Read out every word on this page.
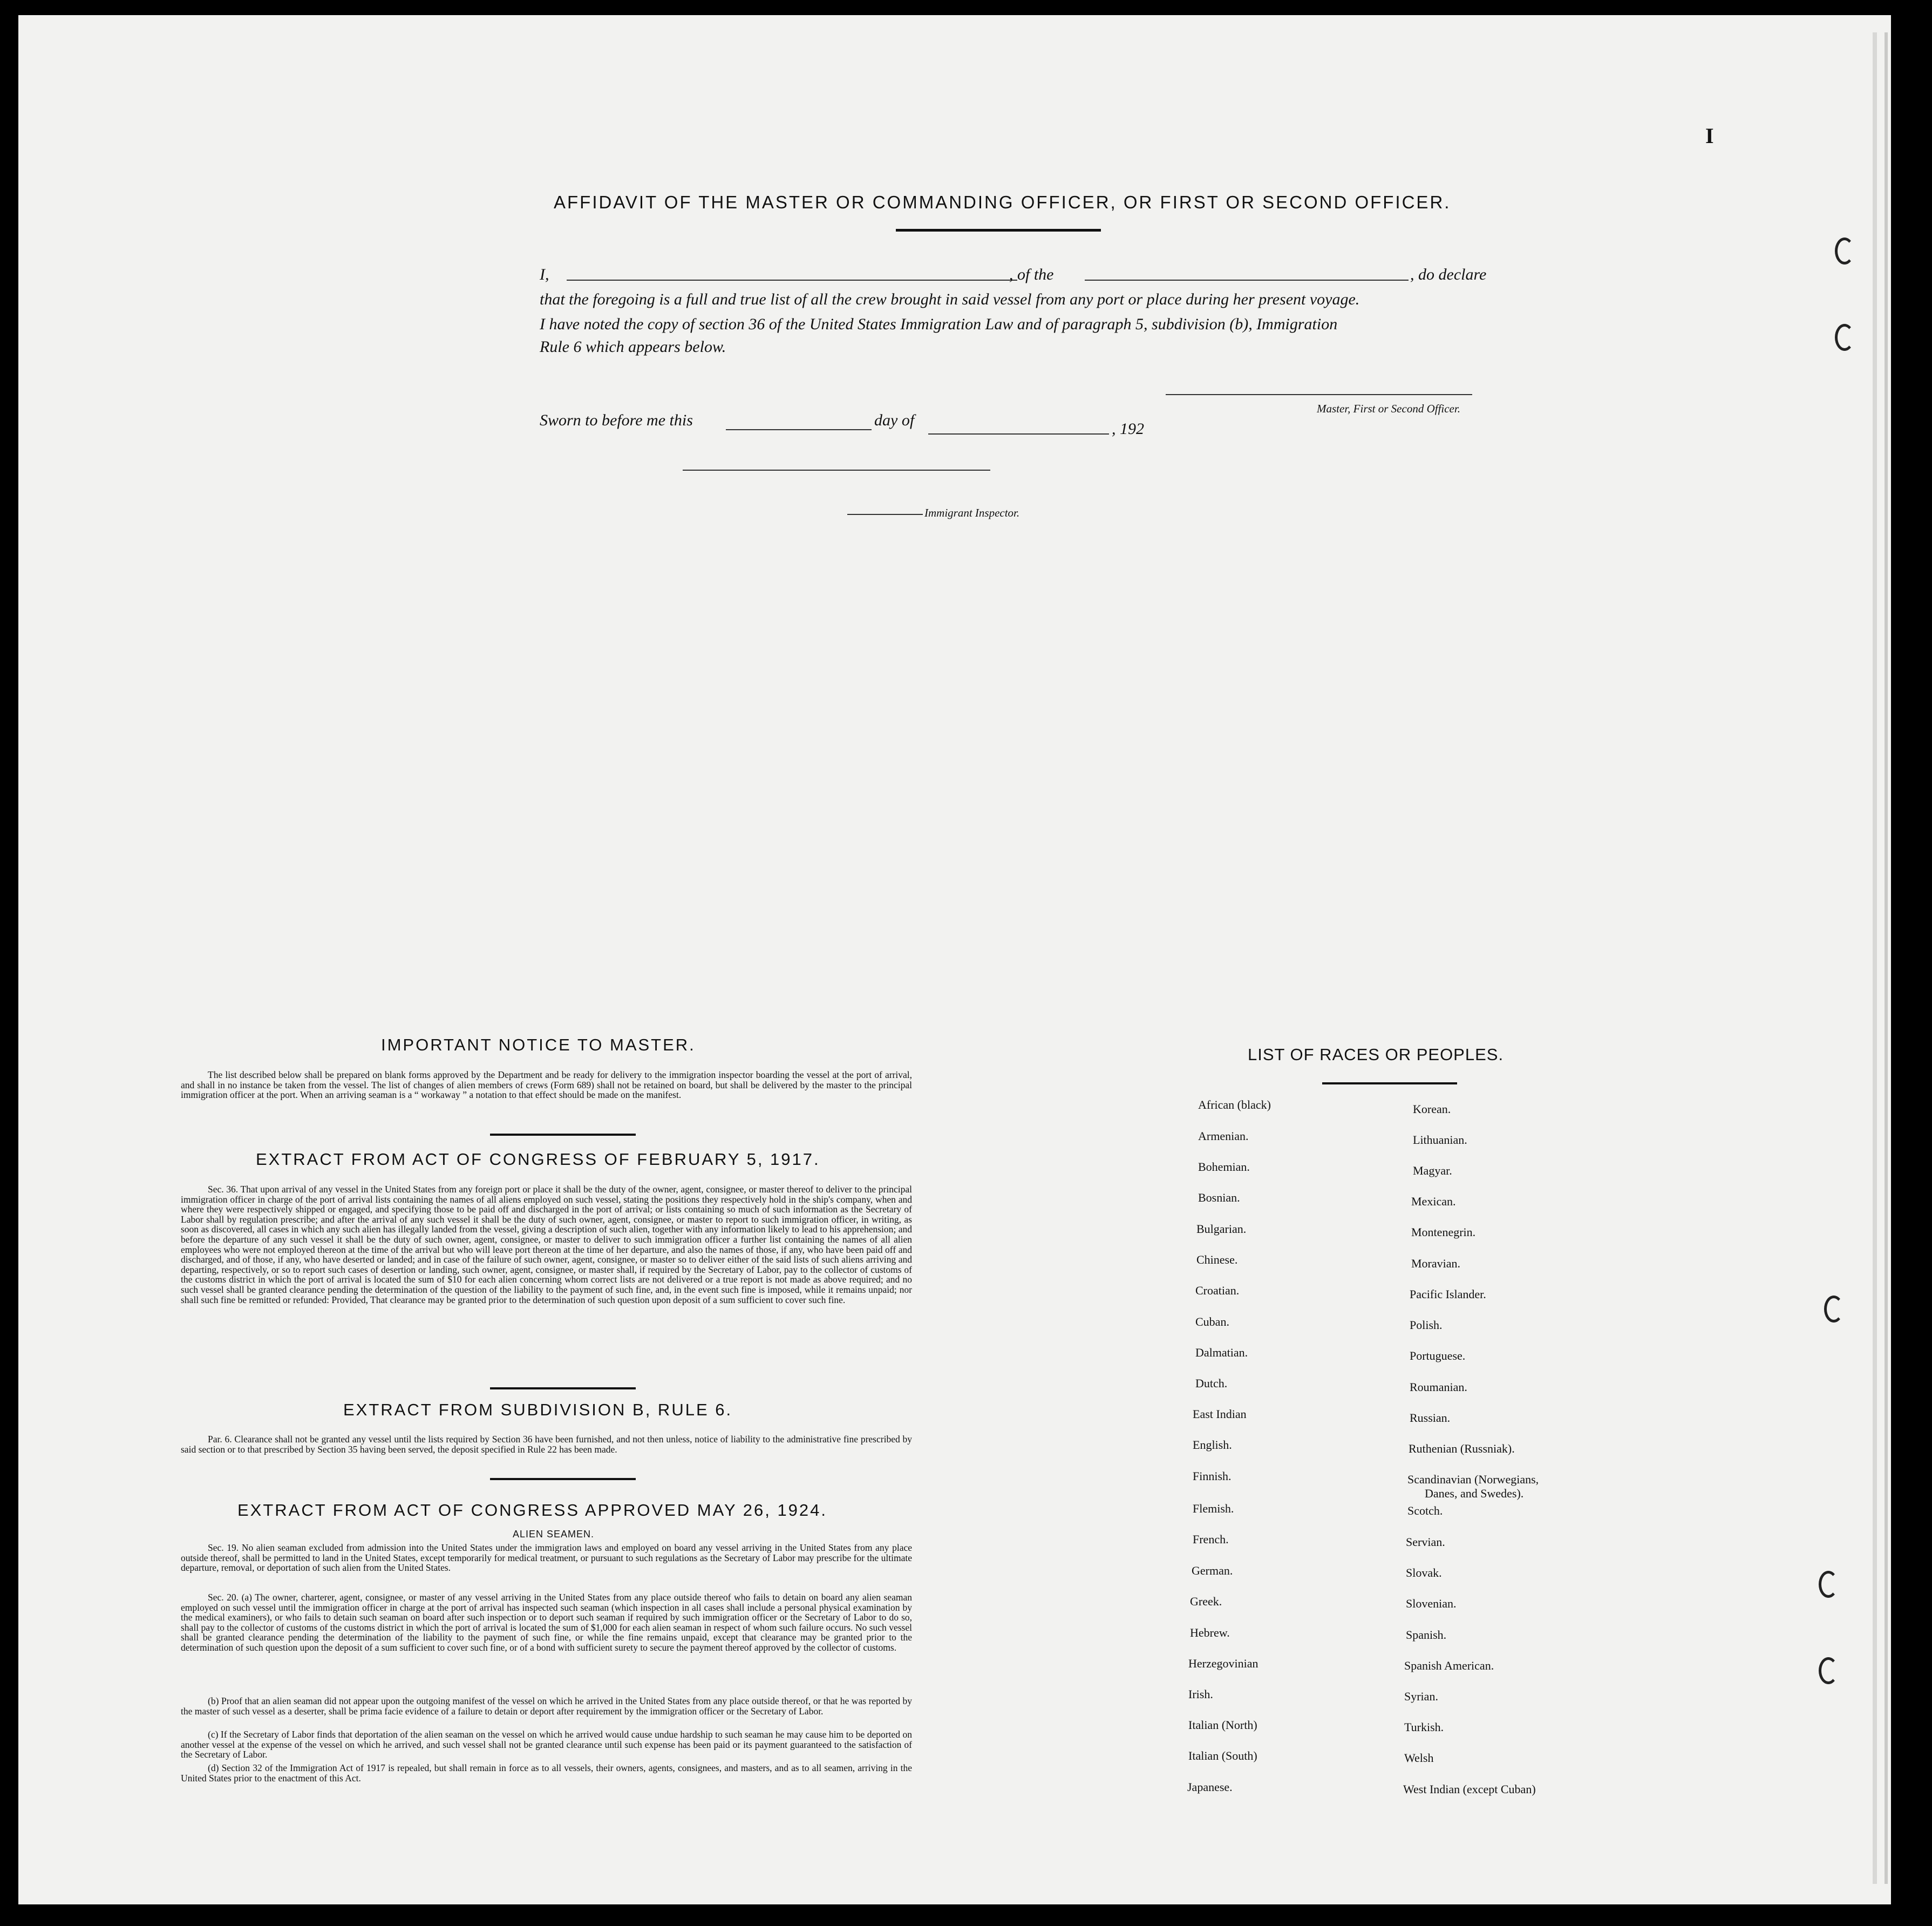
I
AFFIDAVIT OF THE MASTER OR COMMANDING OFFICER, OR FIRST OR SECOND OFFICER.
I,	, of the	, do declare
that the foregoing is a full and true list of all the crew brought in said vessel from any port or place during her present voyage.
I have noted the copy of section 36 of the United States Immigration Law and of paragraph 5, subdivision (b), Immigration
Rule 6 which appears below.
Master, First or Second Officer.
Sworn to before me this	day of	, 192
Immigrant Inspector.
IMPORTANT NOTICE TO MASTER.
The list described below shall be prepared on blank forms approved by the Department and be ready for delivery to the immigration inspector boarding the vessel at the port of arrival, and shall in no instance be taken from the vessel. The list of changes of alien members of crews (Form 689) shall not be retained on board, but shall be delivered by the master to the principal immigration officer at the port. When an arriving seaman is a “ workaway ” a notation to that effect should be made on the manifest.
EXTRACT FROM ACT OF CONGRESS OF FEBRUARY 5, 1917.
Sec. 36. That upon arrival of any vessel in the United States from any foreign port or place it shall be the duty of the owner, agent, consignee, or master thereof to deliver to the principal immigration officer in charge of the port of arrival lists containing the names of all aliens employed on such vessel, stating the positions they respectively hold in the ship's company, when and where they were respectively shipped or engaged, and specifying those to be paid off and discharged in the port of arrival; or lists containing so much of such information as the Secretary of Labor shall by regulation prescribe; and after the arrival of any such vessel it shall be the duty of such owner, agent, consignee, or master to report to such immigration officer, in writing, as soon as discovered, all cases in which any such alien has illegally landed from the vessel, giving a description of such alien, together with any information likely to lead to his apprehension; and before the departure of any such vessel it shall be the duty of such owner, agent, consignee, or master to deliver to such immigration officer a further list containing the names of all alien employees who were not employed thereon at the time of the arrival but who will leave port thereon at the time of her departure, and also the names of those, if any, who have been paid off and discharged, and of those, if any, who have deserted or landed; and in case of the failure of such owner, agent, consignee, or master so to deliver either of the said lists of such aliens arriving and departing, respectively, or so to report such cases of desertion or landing, such owner, agent, consignee, or master shall, if required by the Secretary of Labor, pay to the collector of customs of the customs district in which the port of arrival is located the sum of $10 for each alien concerning whom correct lists are not delivered or a true report is not made as above required; and no such vessel shall be granted clearance pending the determination of the question of the liability to the payment of such fine, and, in the event such fine is imposed, while it remains unpaid; nor shall such fine be remitted or refunded: Provided, That clearance may be granted prior to the determination of such question upon deposit of a sum sufficient to cover such fine.
EXTRACT FROM SUBDIVISION B, RULE 6.
Par. 6. Clearance shall not be granted any vessel until the lists required by Section 36 have been furnished, and not then unless, notice of liability to the administrative fine prescribed by said section or to that prescribed by Section 35 having been served, the deposit specified in Rule 22 has been made.
EXTRACT FROM ACT OF CONGRESS APPROVED MAY 26, 1924.
ALIEN SEAMEN.
Sec. 19. No alien seaman excluded from admission into the United States under the immigration laws and employed on board any vessel arriving in the United States from any place outside thereof, shall be permitted to land in the United States, except temporarily for medical treatment, or pursuant to such regulations as the Secretary of Labor may prescribe for the ultimate departure, removal, or deportation of such alien from the United States.
Sec. 20. (a) The owner, charterer, agent, consignee, or master of any vessel arriving in the United States from any place outside thereof who fails to detain on board any alien seaman employed on such vessel until the immigration officer in charge at the port of arrival has inspected such seaman (which inspection in all cases shall include a personal physical examination by the medical examiners), or who fails to detain such seaman on board after such inspection or to deport such seaman if required by such immigration officer or the Secretary of Labor to do so, shall pay to the collector of customs of the customs district in which the port of arrival is located the sum of $1,000 for each alien seaman in respect of whom such failure occurs. No such vessel shall be granted clearance pending the determination of the liability to the payment of such fine, or while the fine remains unpaid, except that clearance may be granted prior to the determination of such question upon the deposit of a sum sufficient to cover such fine, or of a bond with sufficient surety to secure the payment thereof approved by the collector of customs.
(b) Proof that an alien seaman did not appear upon the outgoing manifest of the vessel on which he arrived in the United States from any place outside thereof, or that he was reported by the master of such vessel as a deserter, shall be prima facie evidence of a failure to detain or deport after requirement by the immigration officer or the Secretary of Labor.
(c) If the Secretary of Labor finds that deportation of the alien seaman on the vessel on which he arrived would cause undue hardship to such seaman he may cause him to be deported on another vessel at the expense of the vessel on which he arrived, and such vessel shall not be granted clearance until such expense has been paid or its payment guaranteed to the satisfaction of the Secretary of Labor.
(d) Section 32 of the Immigration Act of 1917 is repealed, but shall remain in force as to all vessels, their owners, agents, consignees, and masters, and as to all seamen, arriving in the United States prior to the enactment of this Act.
LIST OF RACES OR PEOPLES.
African (black)
Armenian.
Bohemian.
Bosnian.
Bulgarian.
Chinese.
Croatian.
Cuban.
Dalmatian.
Dutch.
East Indian
English.
Finnish.
Flemish.
French.
German.
Greek.
Hebrew.
Herzegovinian
Irish.
Italian (North)
Italian (South)
Japanese.
Korean.
Lithuanian.
Magyar.
Mexican.
Montenegrin.
Moravian.
Pacific Islander.
Polish.
Portuguese.
Roumanian.
Russian.
Ruthenian (Russniak).
Scandinavian (Norwegians,
Danes, and Swedes).
Scotch.
Servian.
Slovak.
Slovenian.
Spanish.
Spanish American.
Syrian.
Turkish.
Welsh
West Indian (except Cuban)
